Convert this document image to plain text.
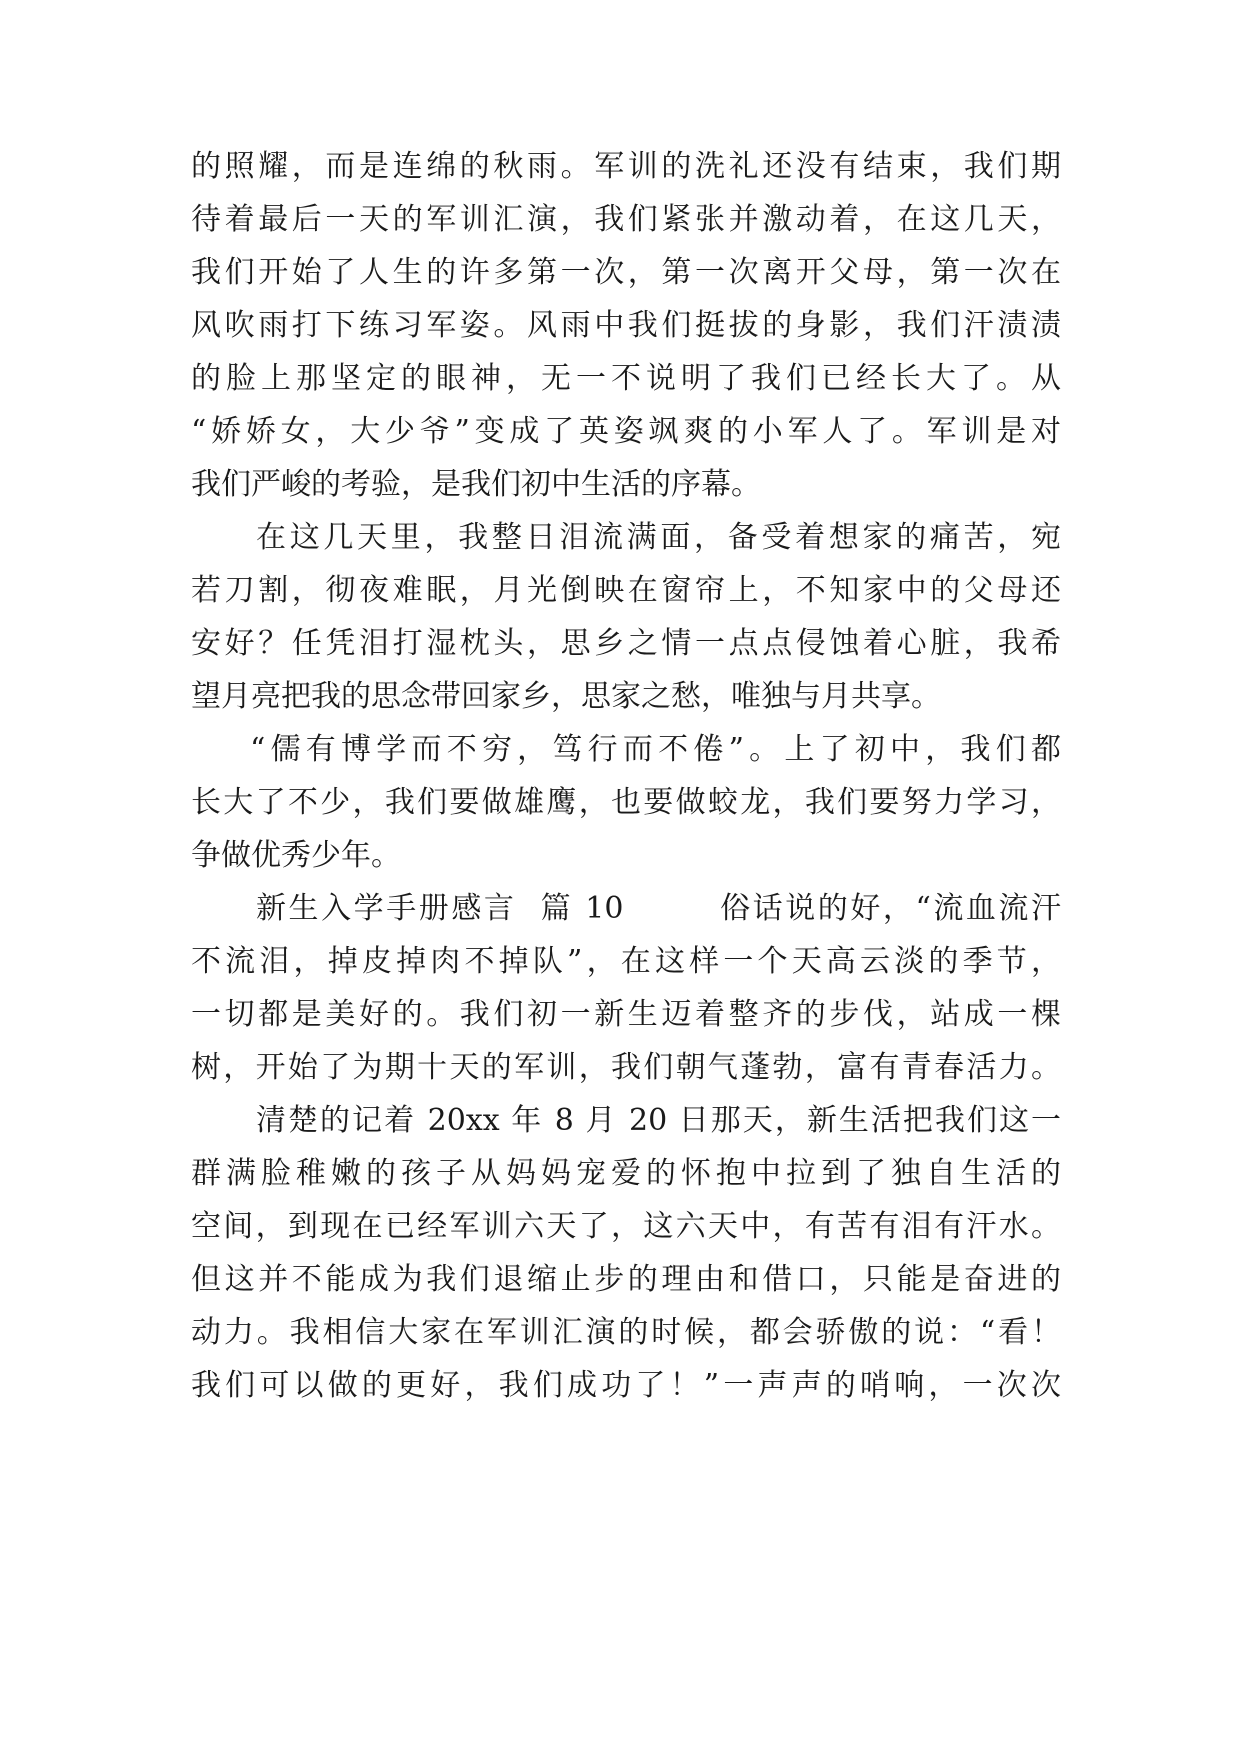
的照耀，而是连绵的秋雨。军训的洗礼还没有结束，我们期
待着最后一天的军训汇演，我们紧张并激动着，在这几天，
我们开始了人生的许多第一次，第一次离开父母，第一次在
风吹雨打下练习军姿。风雨中我们挺拔的身影，我们汗渍渍
的脸上那坚定的眼神，无一不说明了我们已经长大了。从
“娇娇女，大少爷”变成了英姿飒爽的小军人了。军训是对
我们严峻的考验，是我们初中生活的序幕。
在这几天里，我整日泪流满面，备受着想家的痛苦，宛
若刀割，彻夜难眠，月光倒映在窗帘上，不知家中的父母还
安好？任凭泪打湿枕头，思乡之情一点点侵蚀着心脏，我希
望月亮把我的思念带回家乡，思家之愁，唯独与月共享。
“儒有博学而不穷，笃行而不倦”。上了初中，我们都
长大了不少，我们要做雄鹰，也要做蛟龙，我们要努力学习，
争做优秀少年。
新生入学手册感言  篇 10        俗话说的好，“流血流汗
不流泪，掉皮掉肉不掉队”，在这样一个天高云淡的季节，
一切都是美好的。我们初一新生迈着整齐的步伐，站成一棵
树，开始了为期十天的军训，我们朝气蓬勃，富有青春活力。
清楚的记着 20xx 年 8 月 20 日那天，新生活把我们这一
群满脸稚嫩的孩子从妈妈宠爱的怀抱中拉到了独自生活的
空间，到现在已经军训六天了，这六天中，有苦有泪有汗水。
但这并不能成为我们退缩止步的理由和借口，只能是奋进的
动力。我相信大家在军训汇演的时候，都会骄傲的说：“看！
我们可以做的更好，我们成功了！”一声声的哨响，一次次
